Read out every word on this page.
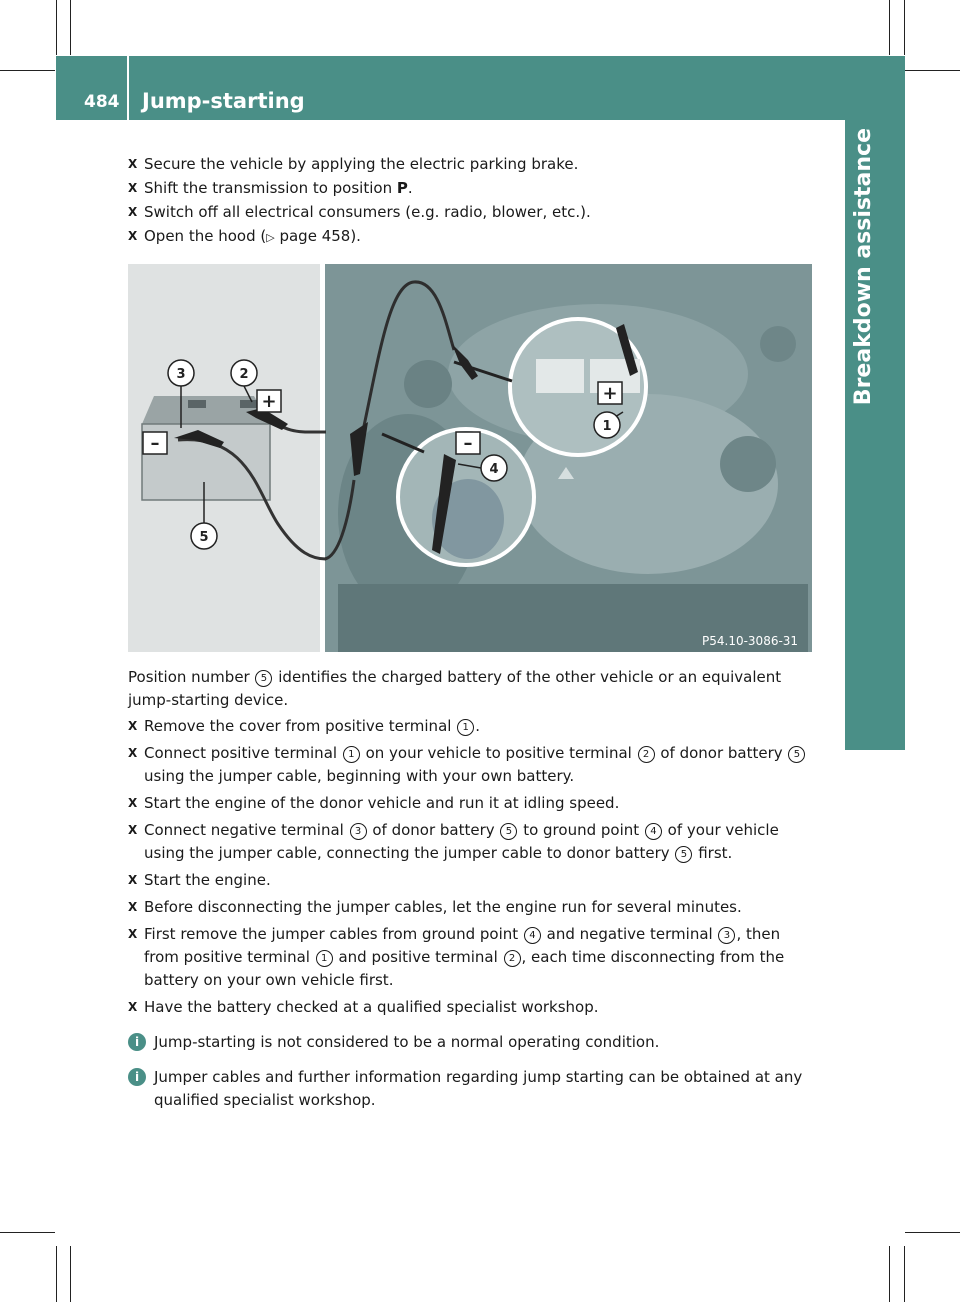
484 Jump-starting
Breakdown assistance

X Secure the vehicle by applying the electric parking brake.

X Shift the transmission to position P.

X Switch off all electrical consumers (e.g. radio, blower, etc.).

X Open the hood (▷ page 458).

+
–
+
–
3	2
5
1
4
P54.10-3086-31

Position number 5 identifies the charged battery of the other vehicle or an equivalent jump-starting device.

X Remove the cover from positive terminal 1 .

X Connect positive terminal 1 on your vehicle to positive terminal 2 of donor battery 5 using the jumper cable, beginning with your own battery.

X Start the engine of the donor vehicle and run it at idling speed.

X Connect negative terminal 3 of donor battery 5 to ground point 4 of your vehicle using the jumper cable, connecting the jumper cable to donor battery 5 first.

X Start the engine.

X Before disconnecting the jumper cables, let the engine run for several minutes.

X First remove the jumper cables from ground point 4 and negative terminal 3 , then from positive terminal 1 and positive terminal 2 , each time disconnecting from the battery on your own vehicle first.

X Have the battery checked at a qualified specialist workshop.

i Jump-starting is not considered to be a normal operating condition.

i Jumper cables and further information regarding jump starting can be obtained at any qualified specialist workshop.
